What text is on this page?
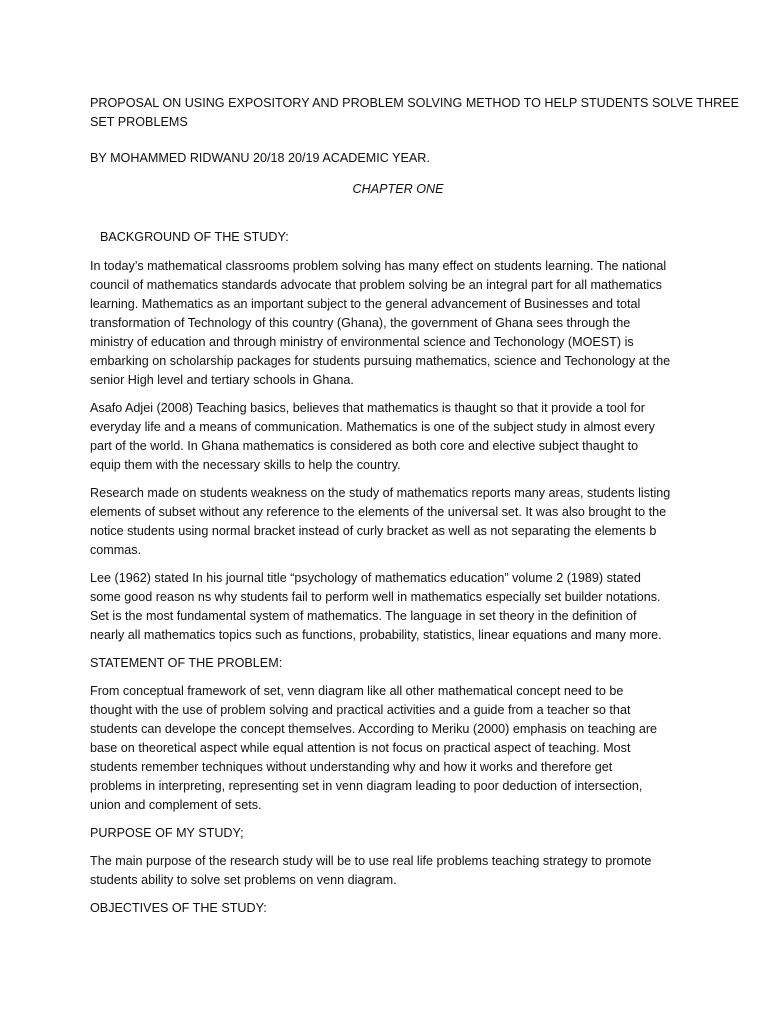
PROPOSAL ON USING EXPOSITORY AND PROBLEM SOLVING METHOD TO HELP STUDENTS SOLVE THREE
SET PROBLEMS
BY MOHAMMED RIDWANU 20/18 20/19 ACADEMIC YEAR.
CHAPTER ONE
BACKGROUND OF THE STUDY:
In today’s mathematical classrooms problem solving has many effect on students learning. The national
council of mathematics standards advocate that problem solving be an integral part for all mathematics
learning. Mathematics as an important subject to the general advancement of Businesses and total
transformation of Technology of this country (Ghana), the government of Ghana sees through the
ministry of education and through ministry of environmental science and Techonology (MOEST) is
embarking on scholarship packages for students pursuing mathematics, science and Techonology at the
senior High level and tertiary schools in Ghana.
Asafo Adjei (2008) Teaching basics, believes that mathematics is thaught so that it provide a tool for
everyday life and a means of communication. Mathematics is one of the subject study in almost every
part of the world. In Ghana mathematics is considered as both core and elective subject thaught to
equip them with the necessary skills to help the country.
Research made on students weakness on the study of mathematics reports many areas, students listing
elements of subset without any reference to the elements of the universal set. It was also brought to the
notice students using normal bracket instead of curly bracket as well as not separating the elements b
commas.
Lee (1962) stated In his journal title “psychology of mathematics education” volume 2 (1989) stated
some good reason ns why students fail to perform well in mathematics especially set builder notations.
Set is the most fundamental system of mathematics. The language in set theory in the definition of
nearly all mathematics topics such as functions, probability, statistics, linear equations and many more.
STATEMENT OF THE PROBLEM:
From conceptual framework of set, venn diagram like all other mathematical concept need to be
thought with the use of problem solving and practical activities and a guide from a teacher so that
students can develope the concept themselves. According to Meriku (2000) emphasis on teaching are
base on theoretical aspect while equal attention is not focus on practical aspect of teaching. Most
students remember techniques without understanding why and how it works and therefore get
problems in interpreting, representing set in venn diagram leading to poor deduction of intersection,
union and complement of sets.
PURPOSE OF MY STUDY;
The main purpose of the research study will be to use real life problems teaching strategy to promote
students ability to solve set problems on venn diagram.
OBJECTIVES OF THE STUDY:
